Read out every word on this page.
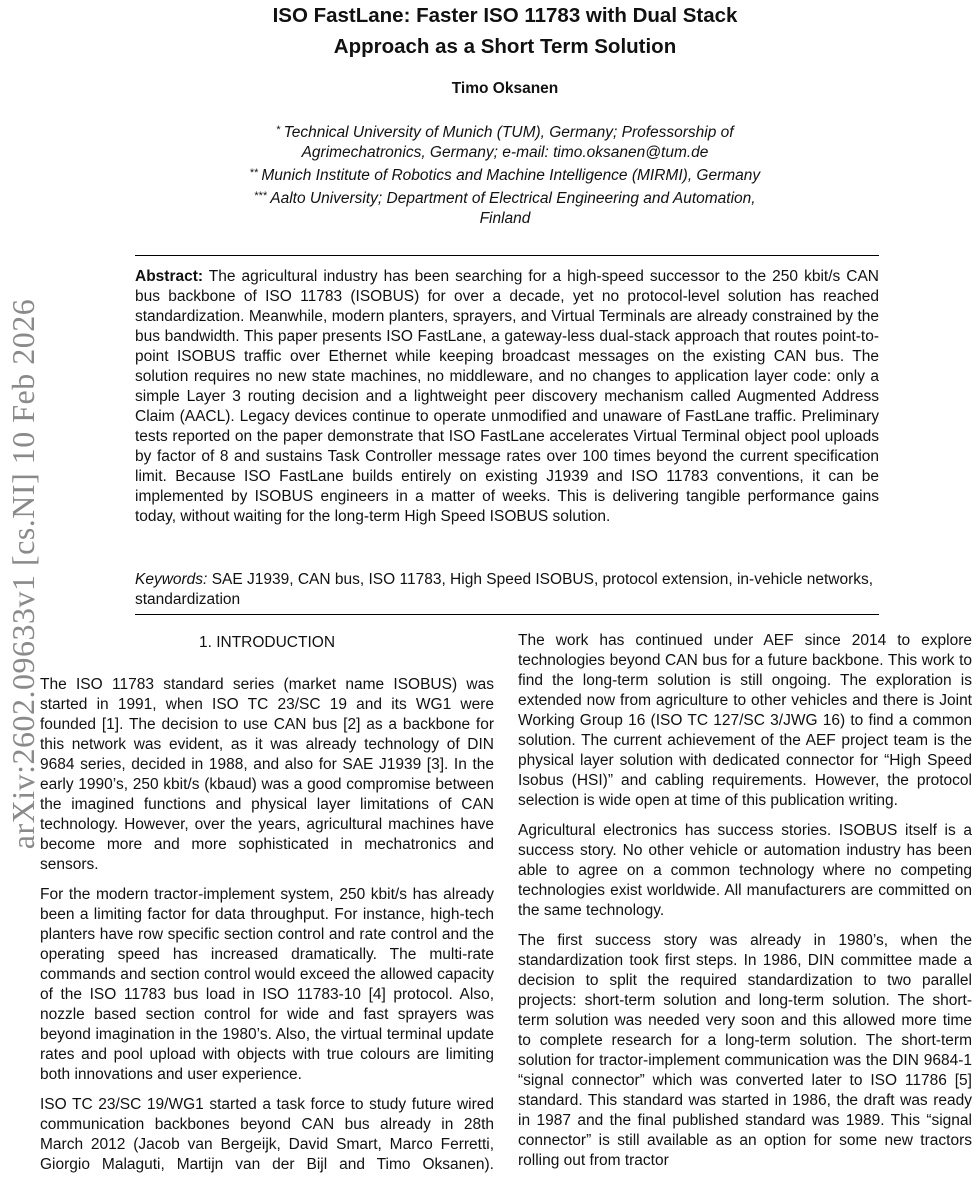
arXiv:2602.09633v1 [cs.NI] 10 Feb 2026
ISO FastLane: Faster ISO 11783 with Dual Stack
Approach as a Short Term Solution
Timo Oksanen
* Technical University of Munich (TUM), Germany; Professorship of Agrimechatronics, Germany; e-mail: timo.oksanen@tum.de
** Munich Institute of Robotics and Machine Intelligence (MIRMI), Germany
*** Aalto University; Department of Electrical Engineering and Automation, Finland
Abstract: The agricultural industry has been searching for a high-speed successor to the 250 kbit/s CAN bus backbone of ISO 11783 (ISOBUS) for over a decade, yet no protocol-level solution has reached standardization. Meanwhile, modern planters, sprayers, and Virtual Terminals are already constrained by the bus bandwidth. This paper presents ISO FastLane, a gateway-less dual-stack approach that routes point-to-point ISOBUS traffic over Ethernet while keeping broadcast messages on the existing CAN bus. The solution requires no new state machines, no middleware, and no changes to application layer code: only a simple Layer 3 routing decision and a lightweight peer discovery mechanism called Augmented Address Claim (AACL). Legacy devices continue to operate unmodified and unaware of FastLane traffic. Preliminary tests reported on the paper demonstrate that ISO FastLane accelerates Virtual Terminal object pool uploads by factor of 8 and sustains Task Controller message rates over 100 times beyond the current specification limit. Because ISO FastLane builds entirely on existing J1939 and ISO 11783 conventions, it can be implemented by ISOBUS engineers in a matter of weeks. This is delivering tangible performance gains today, without waiting for the long-term High Speed ISOBUS solution.
Keywords: SAE J1939, CAN bus, ISO 11783, High Speed ISOBUS, protocol extension, in-vehicle networks, standardization
1. INTRODUCTION

The ISO 11783 standard series (market name ISOBUS) was started in 1991, when ISO TC 23/SC 19 and its WG1 were founded [1]. The decision to use CAN bus [2] as a backbone for this network was evident, as it was already technology of DIN 9684 series, decided in 1988, and also for SAE J1939 [3]. In the early 1990’s, 250 kbit/s (kbaud) was a good compromise between the imagined functions and physical layer limitations of CAN technology. However, over the years, agricultural machines have become more and more sophisticated in mechatronics and sensors.

For the modern tractor-implement system, 250 kbit/s has already been a limiting factor for data throughput. For instance, high-tech planters have row specific section control and rate control and the operating speed has increased dramatically. The multi-rate commands and section control would exceed the allowed capacity of the ISO 11783 bus load in ISO 11783-10 [4] protocol. Also, nozzle based section control for wide and fast sprayers was beyond imagination in the 1980’s. Also, the virtual terminal update rates and pool upload with objects with true colours are limiting both innovations and user experience.

ISO TC 23/SC 19/WG1 started a task force to study future wired communication backbones beyond CAN bus already in 28th March 2012 (Jacob van Bergeijk, David Smart, Marco Ferretti, Giorgio Malaguti, Martijn van der Bijl and Timo Oksanen).

The work has continued under AEF since 2014 to explore technologies beyond CAN bus for a future backbone. This work to find the long-term solution is still ongoing. The exploration is extended now from agriculture to other vehicles and there is Joint Working Group 16 (ISO TC 127/SC 3/JWG 16) to find a common solution. The current achievement of the AEF project team is the physical layer solution with dedicated connector for “High Speed Isobus (HSI)” and cabling requirements. However, the protocol selection is wide open at time of this publication writing.

Agricultural electronics has success stories. ISOBUS itself is a success story. No other vehicle or automation industry has been able to agree on a common technology where no competing technologies exist worldwide. All manufacturers are committed on the same technology.

The first success story was already in 1980’s, when the standardization took first steps. In 1986, DIN committee made a decision to split the required standardization to two parallel projects: short-term solution and long-term solution. The short-term solution was needed very soon and this allowed more time to complete research for a long-term solution. The short-term solution for tractor-implement communication was the DIN 9684-1 “signal connector” which was converted later to ISO 11786 [5] standard. This standard was started in 1986, the draft was ready in 1987 and the final published standard was 1989. This “signal connector” is still available as an option for some new tractors rolling out from tractor
